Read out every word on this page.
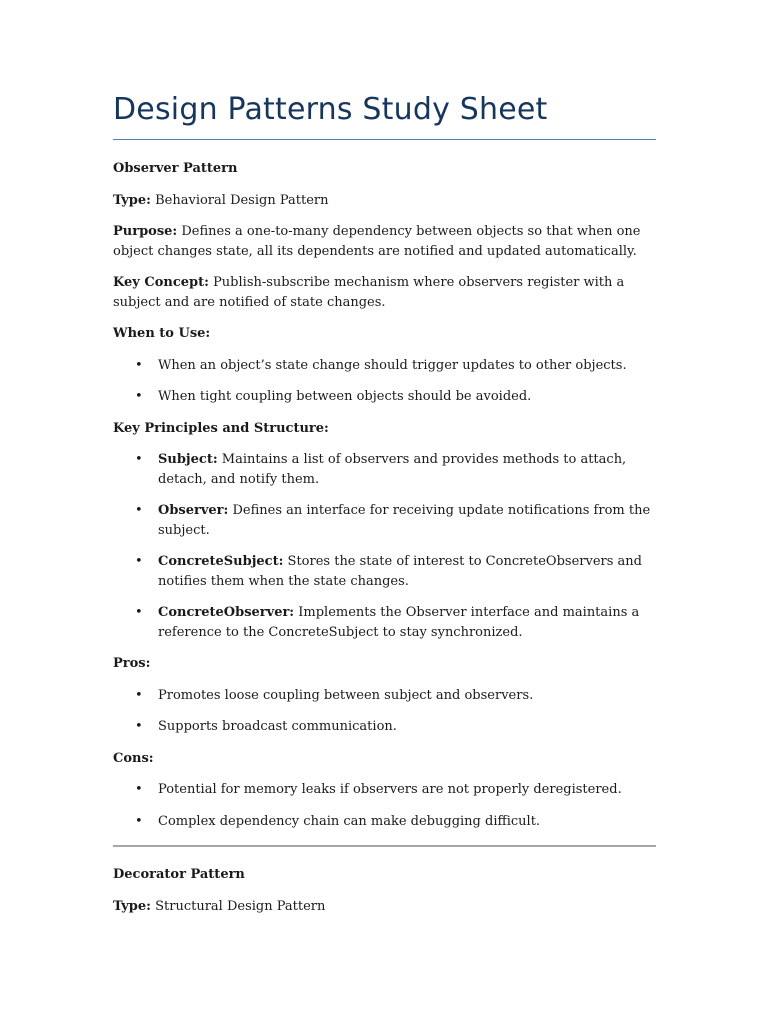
Design Patterns Study Sheet

Observer Pattern

Type: Behavioral Design Pattern

Purpose: Defines a one-to-many dependency between objects so that when one object changes state, all its dependents are notified and updated automatically.

Key Concept: Publish-subscribe mechanism where observers register with a subject and are notified of state changes.

When to Use:

• When an object’s state change should trigger updates to other objects.
• When tight coupling between objects should be avoided.

Key Principles and Structure:

• Subject: Maintains a list of observers and provides methods to attach, detach, and notify them.
• Observer: Defines an interface for receiving update notifications from the subject.
• ConcreteSubject: Stores the state of interest to ConcreteObservers and notifies them when the state changes.
• ConcreteObserver: Implements the Observer interface and maintains a reference to the ConcreteSubject to stay synchronized.

Pros:

• Promotes loose coupling between subject and observers.
• Supports broadcast communication.

Cons:

• Potential for memory leaks if observers are not properly deregistered.
• Complex dependency chain can make debugging difficult.

Decorator Pattern

Type: Structural Design Pattern
